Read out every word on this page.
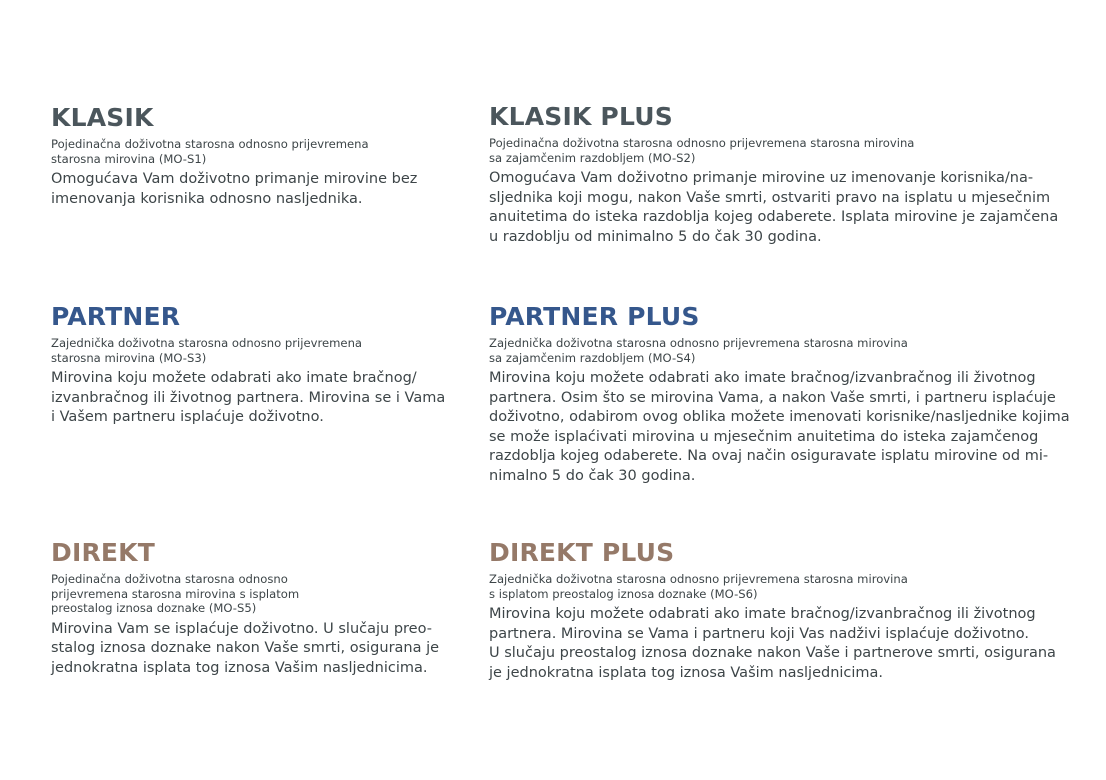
KLASIK

Pojedinačna doživotna starosna odnosno prijevremena
starosna mirovina (MO-S1)

Omogućava Vam doživotno primanje mirovine bez
imenovanja korisnika odnosno nasljednika.

KLASIK PLUS

Pojedinačna doživotna starosna odnosno prijevremena starosna mirovina
sa zajamčenim razdobljem (MO-S2)

Omogućava Vam doživotno primanje mirovine uz imenovanje korisnika/na-
sljednika koji mogu, nakon Vaše smrti, ostvariti pravo na isplatu u mjesečnim
anuitetima do isteka razdoblja kojeg odaberete. Isplata mirovine je zajamčena
u razdoblju od minimalno 5 do čak 30 godina.

PARTNER

Zajednička doživotna starosna odnosno prijevremena
starosna mirovina (MO-S3)

Mirovina koju možete odabrati ako imate bračnog/
izvanbračnog ili životnog partnera. Mirovina se i Vama
i Vašem partneru isplaćuje doživotno.

PARTNER PLUS

Zajednička doživotna starosna odnosno prijevremena starosna mirovina
sa zajamčenim razdobljem (MO-S4)

Mirovina koju možete odabrati ako imate bračnog/izvanbračnog ili životnog
partnera. Osim što se mirovina Vama, a nakon Vaše smrti, i partneru isplaćuje
doživotno, odabirom ovog oblika možete imenovati korisnike/nasljednike kojima
se može isplaćivati mirovina u mjesečnim anuitetima do isteka zajamčenog
razdoblja kojeg odaberete. Na ovaj način osiguravate isplatu mirovine od mi-
nimalno 5 do čak 30 godina.

DIREKT

Pojedinačna doživotna starosna odnosno
prijevremena starosna mirovina s isplatom
preostalog iznosa doznake (MO-S5)

Mirovina Vam se isplaćuje doživotno. U slučaju preo-
stalog iznosa doznake nakon Vaše smrti, osigurana je
jednokratna isplata tog iznosa Vašim nasljednicima.

DIREKT PLUS

Zajednička doživotna starosna odnosno prijevremena starosna mirovina
s isplatom preostalog iznosa doznake (MO-S6)

Mirovina koju možete odabrati ako imate bračnog/izvanbračnog ili životnog
partnera. Mirovina se Vama i partneru koji Vas nadživi isplaćuje doživotno.
U slučaju preostalog iznosa doznake nakon Vaše i partnerove smrti, osigurana
je jednokratna isplata tog iznosa Vašim nasljednicima.
